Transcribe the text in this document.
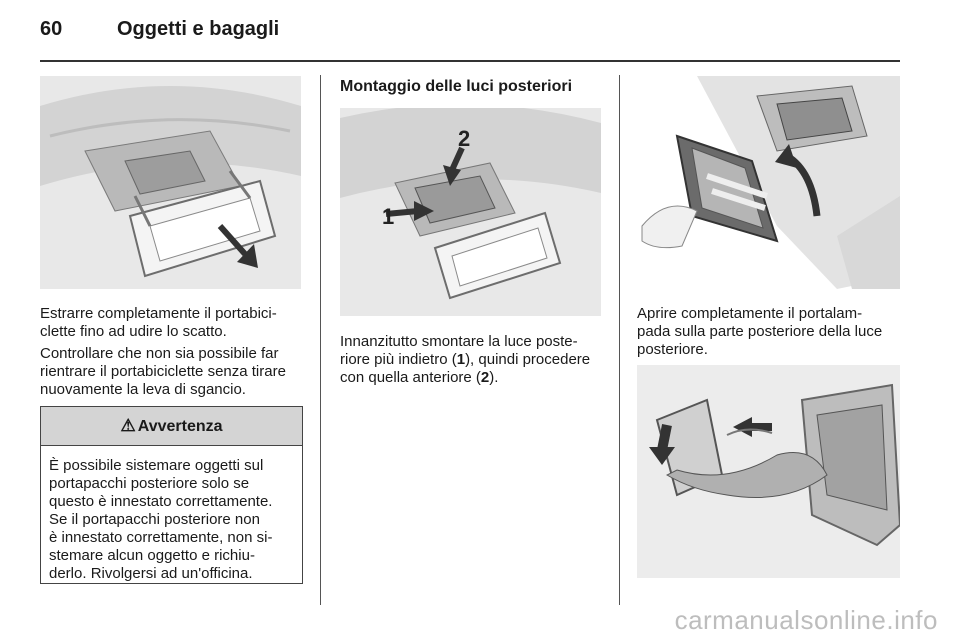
60	Oggetti e bagagli

Estrarre completamente il portabici-
clette fino ad udire lo scatto.

Controllare che non sia possibile far
rientrare il portabiciclette senza tirare
nuovamente la leva di sgancio.

⚠ Avvertenza
È possibile sistemare oggetti sul
portapacchi posteriore solo se
questo è innestato correttamente.
Se il portapacchi posteriore non
è innestato correttamente, non si-
stemare alcun oggetto e richiu-
derlo. Rivolgersi ad un'officina.
Montaggio delle luci posteriori
1
2

Innanzitutto smontare la luce poste-
riore più indietro (1), quindi procedere
con quella anteriore (2).

Aprire completamente il portalam-
pada sulla parte posteriore della luce
posteriore.

carmanualsonline.info
